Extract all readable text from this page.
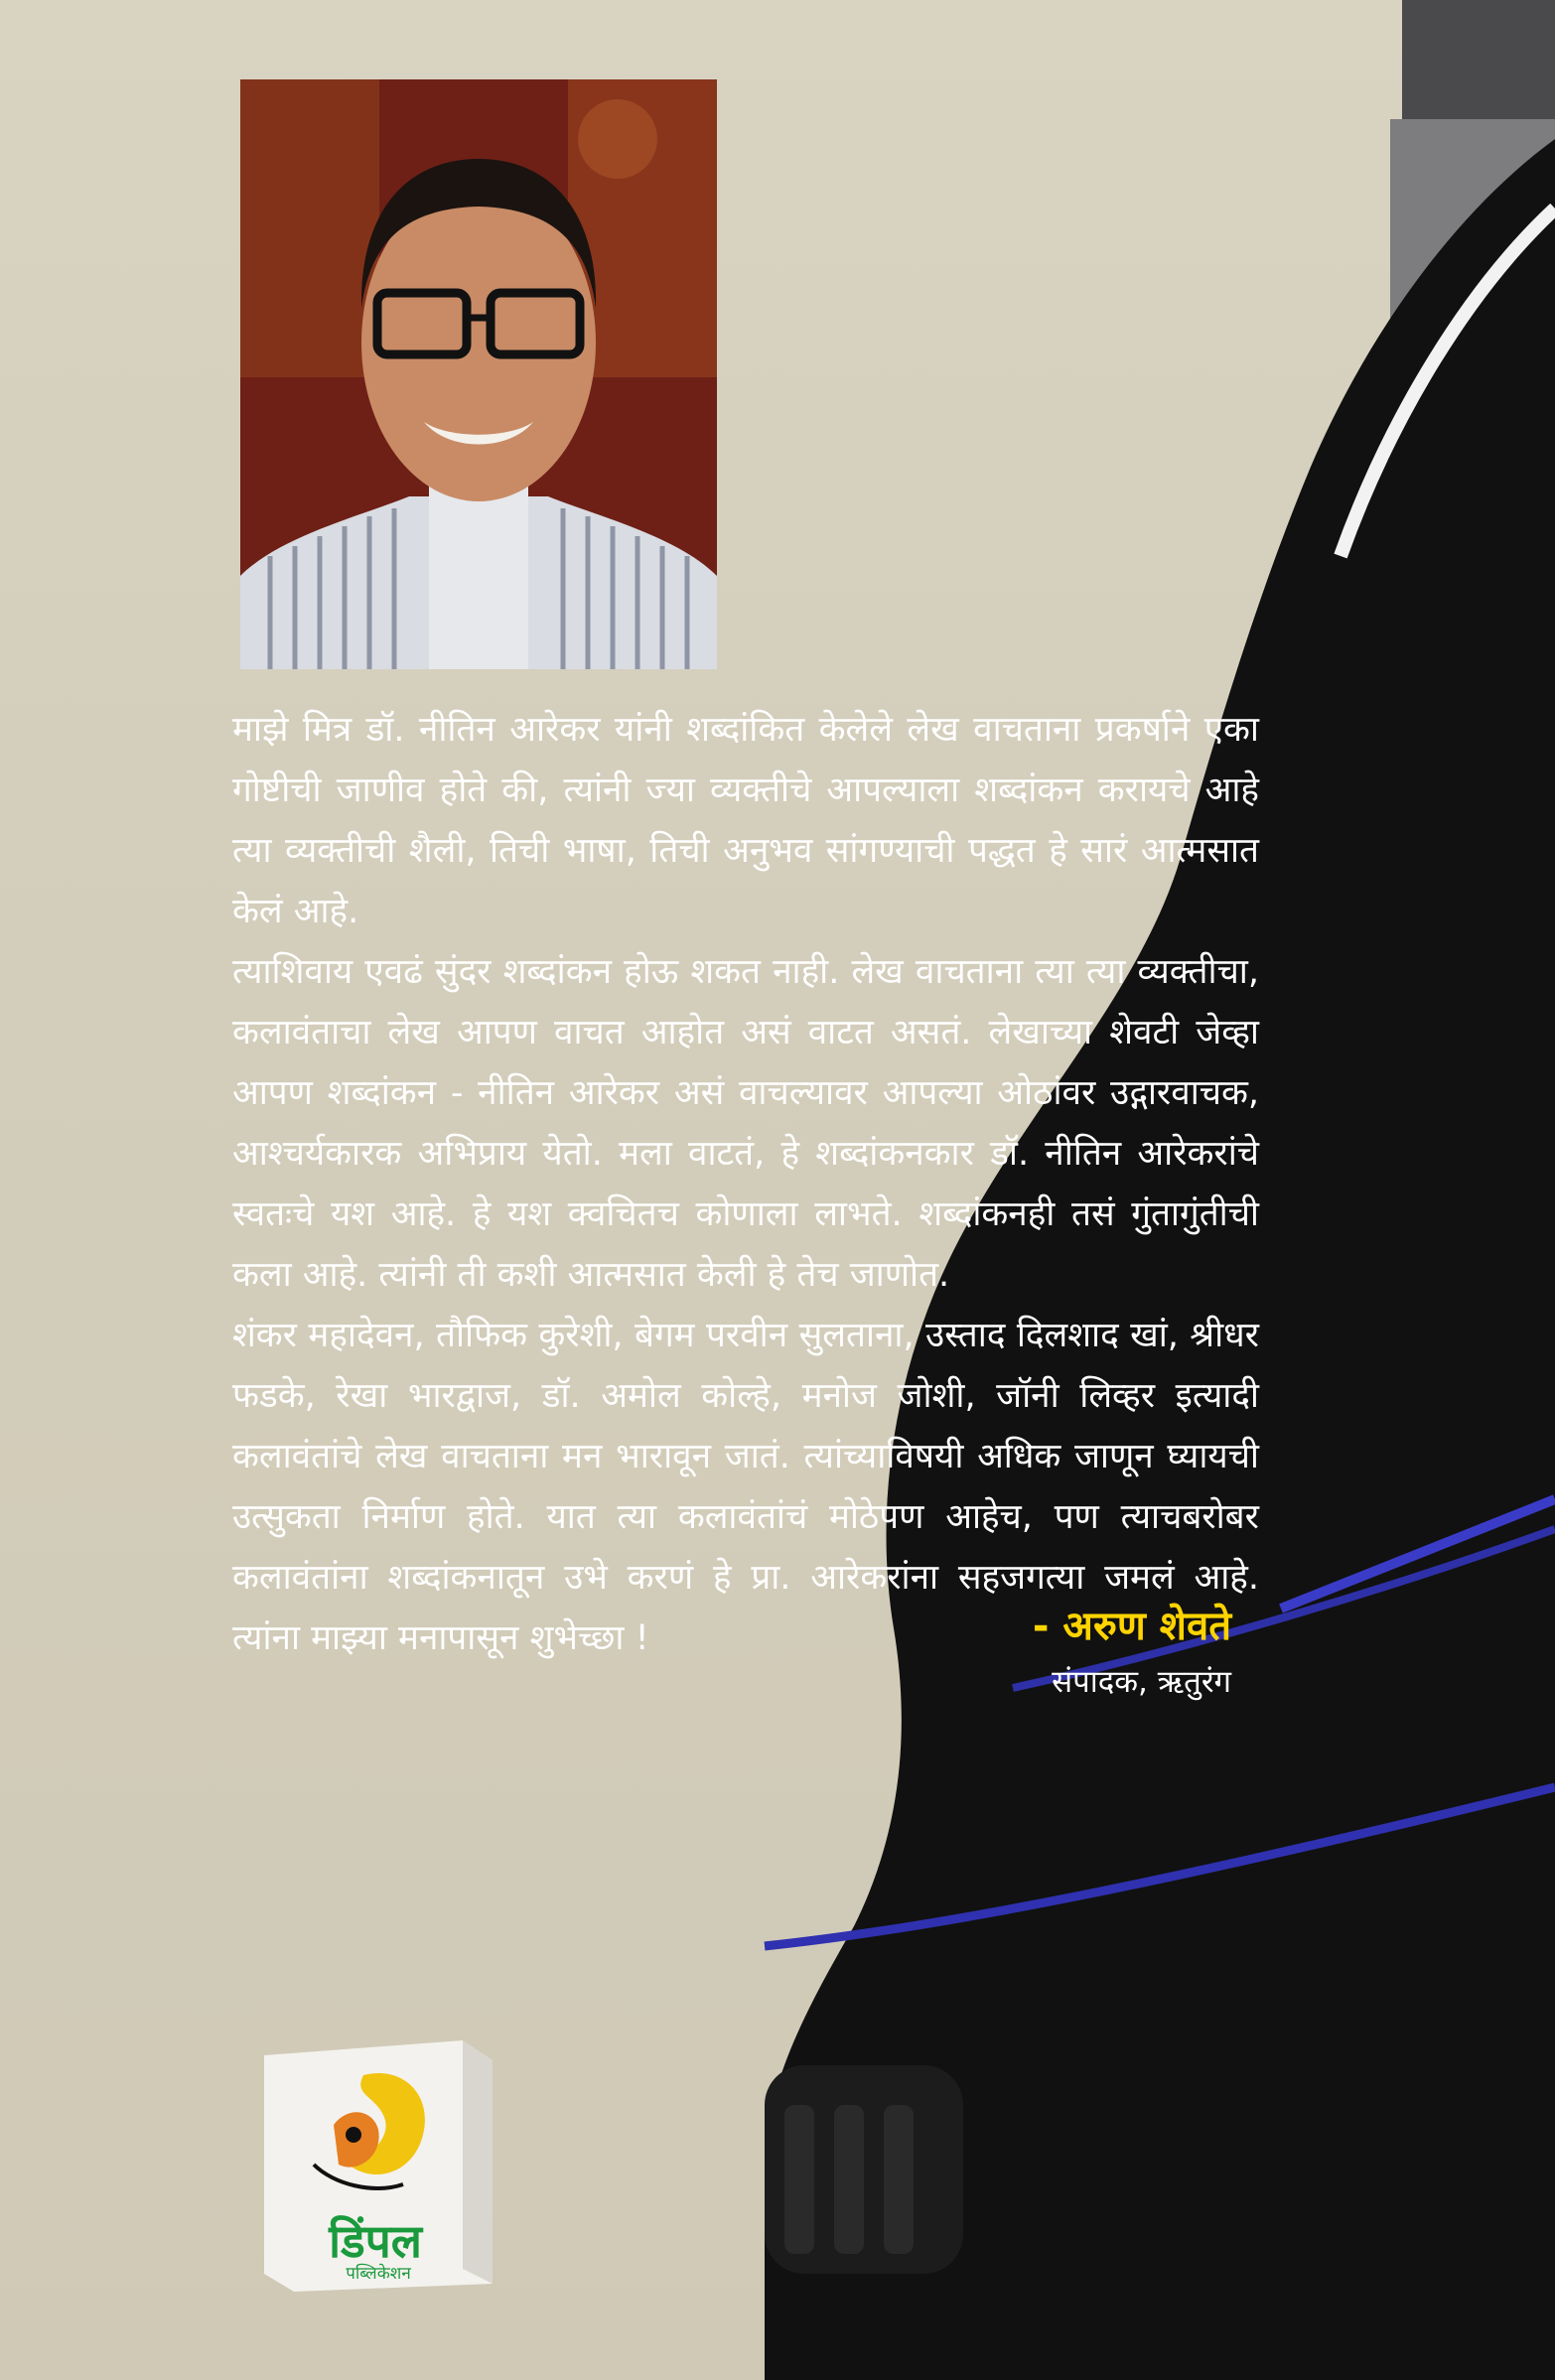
माझे मित्र डॉ. नीतिन आरेकर यांनी शब्दांकित केलेले लेख वाचताना प्रकर्षाने एका गोष्टीची जाणीव होते की, त्यांनी ज्या व्यक्तीचे आपल्याला शब्दांकन करायचे आहे त्या व्यक्तीची शैली, तिची भाषा, तिची अनुभव सांगण्याची पद्धत हे सारं आत्मसात केलं आहे.

त्याशिवाय एवढं सुंदर शब्दांकन होऊ शकत नाही. लेख वाचताना त्या त्या व्यक्तीचा, कलावंताचा लेख आपण वाचत आहोत असं वाटत असतं. लेखाच्या शेवटी जेव्हा आपण शब्दांकन - नीतिन आरेकर असं वाचल्यावर आपल्या ओठांवर उद्गारवाचक, आश्चर्यकारक अभिप्राय येतो. मला वाटतं, हे शब्दांकनकार डॉ. नीतिन आरेकरांचे स्वतःचे यश आहे. हे यश क्वचितच कोणाला लाभते. शब्दांकनही तसं गुंतागुंतीची कला आहे. त्यांनी ती कशी आत्मसात केली हे तेच जाणोत.

शंकर महादेवन, तौफिक कुरेशी, बेगम परवीन सुलताना, उस्ताद दिलशाद खां, श्रीधर फडके, रेखा भारद्वाज, डॉ. अमोल कोल्हे, मनोज जोशी, जॉनी लिव्हर इत्यादी कलावंतांचे लेख वाचताना मन भारावून जातं. त्यांच्याविषयी अधिक जाणून घ्यायची उत्सुकता निर्माण होते. यात त्या कलावंतांचं मोठेपण आहेच, पण त्याचबरोबर कलावंतांना शब्दांकनातून उभे करणं हे प्रा. आरेकरांना सहजगत्या जमलं आहे. त्यांना माझ्या मनापासून शुभेच्छा !	- अरुण शेवते
संपादक, ऋतुरंग
डिंपल
पब्लिकेशन
